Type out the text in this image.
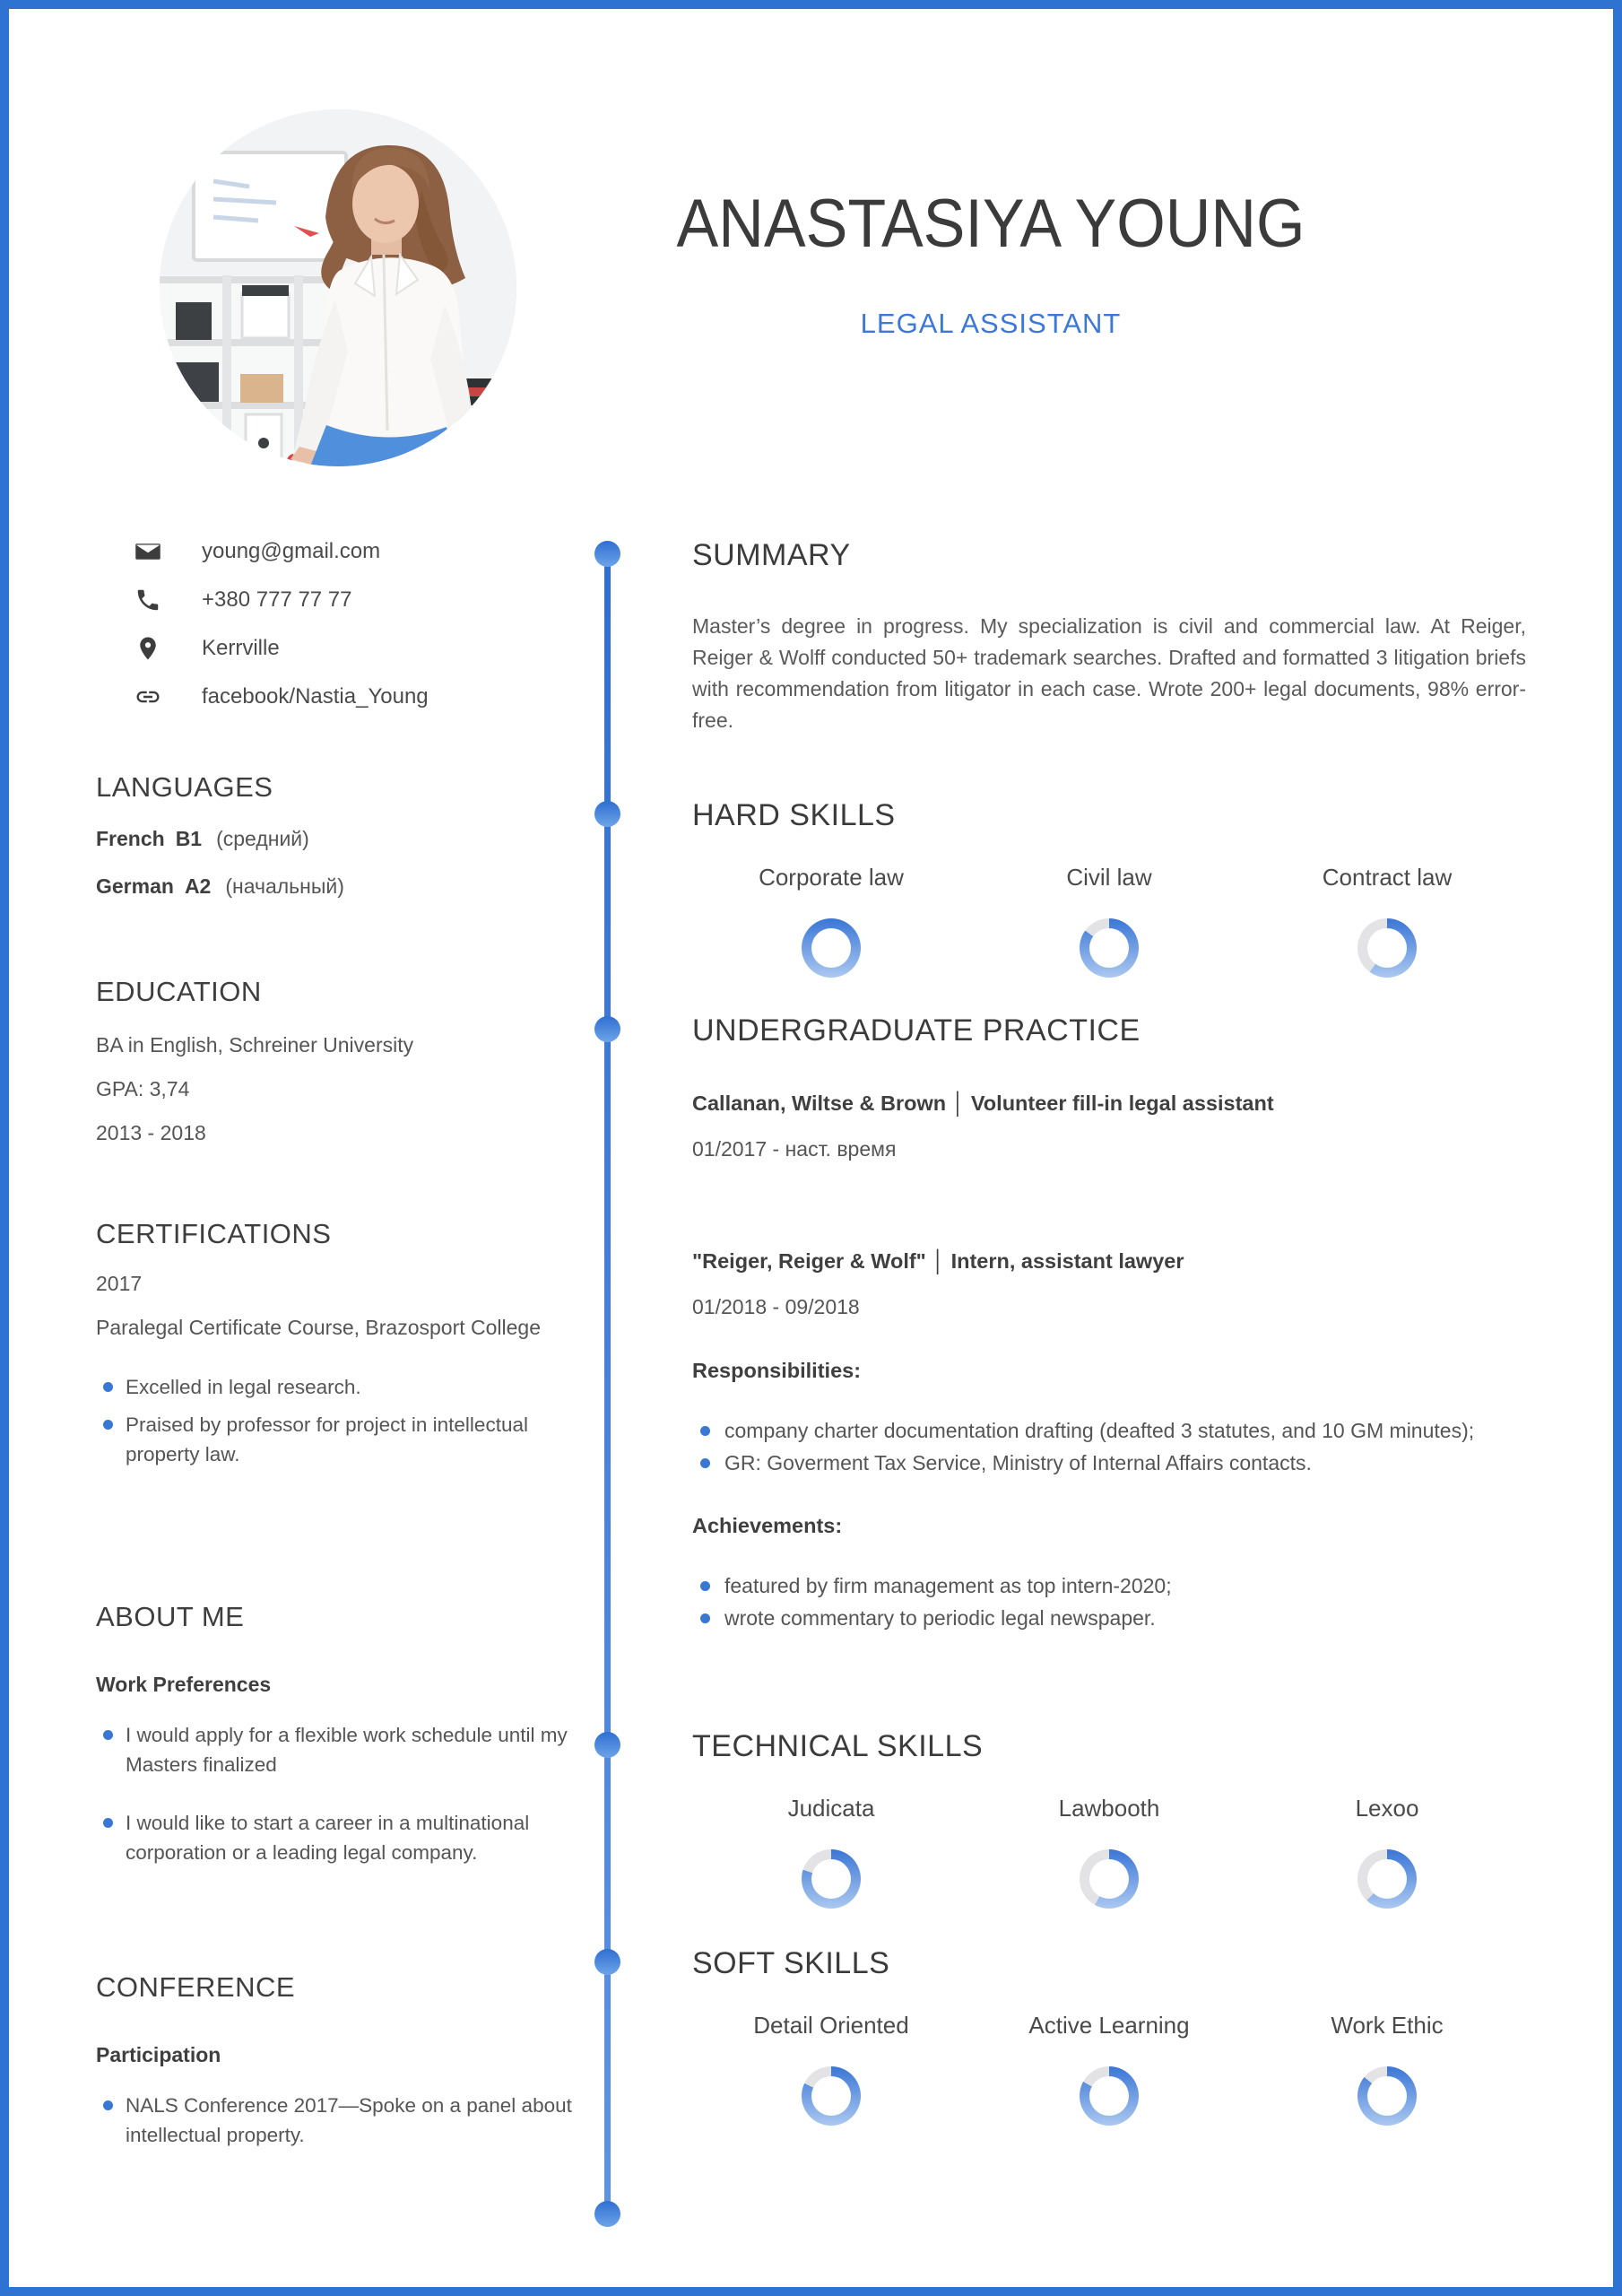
ANASTASIYA YOUNG
LEGAL ASSISTANT
young@gmail.com
+380 777 77 77
Kerrville
facebook/Nastia_Young
LANGUAGES
French B1 (средний)
German A2 (начальный)
EDUCATION
BA in English, Schreiner University
GPA: 3,74
2013 - 2018
CERTIFICATIONS
2017
Paralegal Certificate Course, Brazosport College
Excelled in legal research.
Praised by professor for project in intellectual property law.
ABOUT ME
Work Preferences
I would apply for a flexible work schedule until my Masters finalized
I would like to start a career in a multinational corporation or a leading legal company.
CONFERENCE
Participation
NALS Conference 2017—Spoke on a panel about intellectual property.
SUMMARY
Master’s degree in progress. My specialization is civil and commercial law. At Reiger, Reiger & Wolff conducted 50+ trademark searches. Drafted and formatted 3 litigation briefs with recommendation from litigator in each case. Wrote 200+ legal documents, 98% error-free.
HARD SKILLS
Corporate law	Civil law	Contract law
UNDERGRADUATE PRACTICE
Callanan, Wiltse & Brown │ Volunteer fill-in legal assistant
01/2017 - наст. время
"Reiger, Reiger & Wolf" │ Intern, assistant lawyer
01/2018 - 09/2018
Responsibilities:
company charter documentation drafting (deafted 3 statutes, and 10 GM minutes);
GR: Goverment Tax Service, Ministry of Internal Affairs contacts.
Achievements:
featured by firm management as top intern-2020;
wrote commentary to periodic legal newspaper.
TECHNICAL SKILLS
Judicata	Lawbooth	Lexoo
SOFT SKILLS
Detail Oriented	Active Learning	Work Ethic
